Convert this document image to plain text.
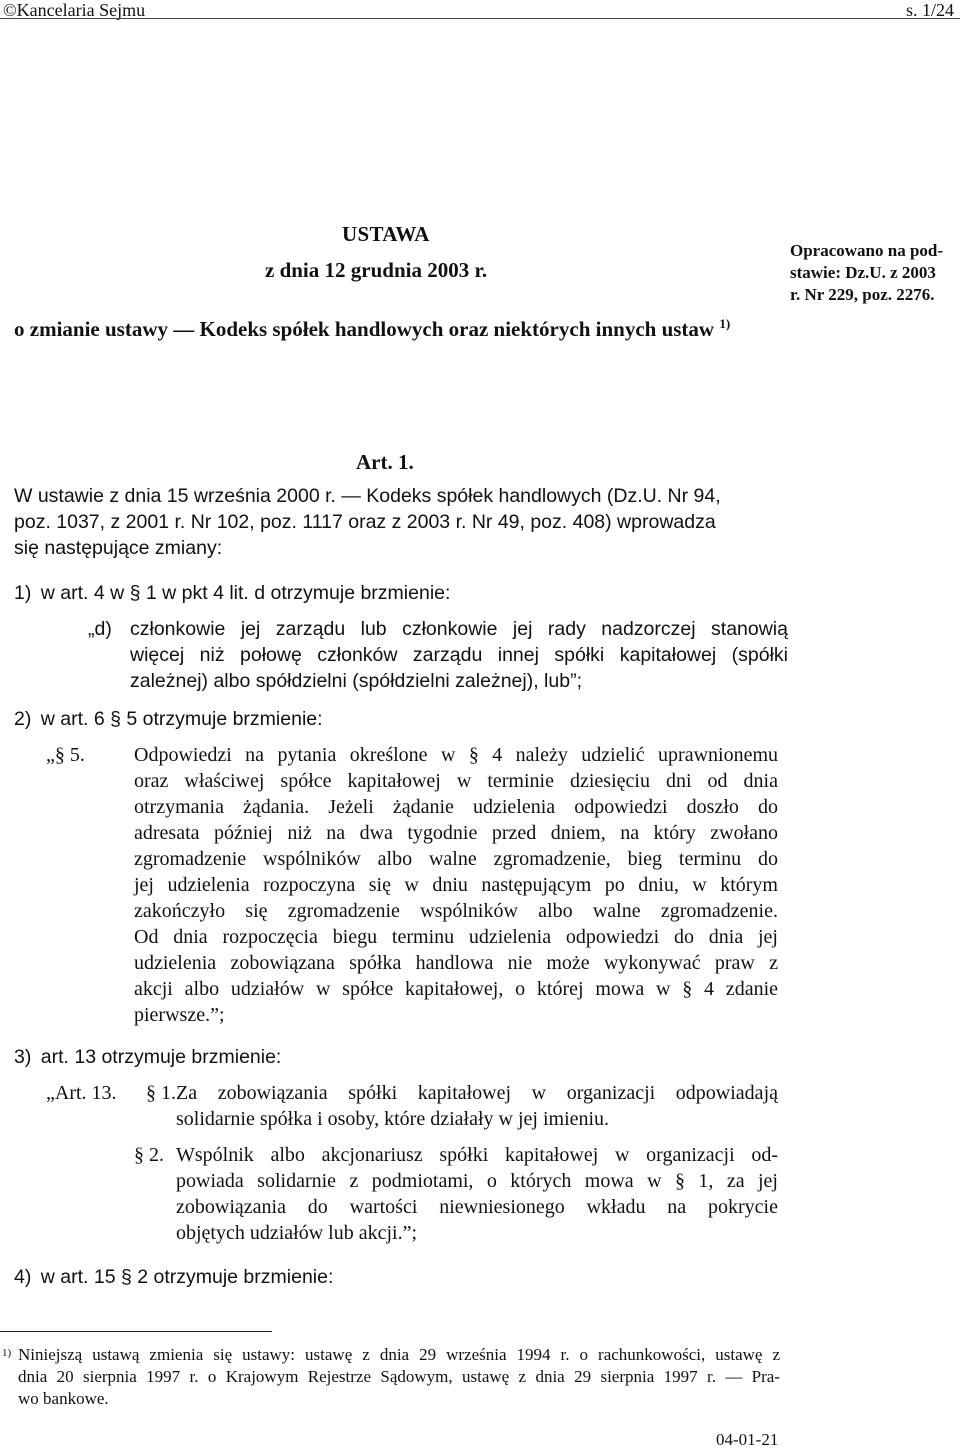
©Kancelaria Sejmu	s. 1/24
USTAWA
z dnia 12 grudnia 2003 r.
Opracowano na pod-
stawie: Dz.U. z 2003
r. Nr 229, poz. 2276.
o zmianie ustawy — Kodeks spółek handlowych oraz niektórych innych ustaw $^{1)}$
Art. 1.
W ustawie z dnia 15 września 2000 r. — Kodeks spółek handlowych (Dz.U. Nr 94,
poz. 1037, z 2001 r. Nr 102, poz. 1117 oraz z 2003 r. Nr 49, poz. 408) wprowadza
się następujące zmiany:
1) w art. 4 w § 1 w pkt 4 lit. d otrzymuje brzmienie:
„d) członkowie jej zarządu lub członkowie jej rady nadzorczej stanowią
więcej niż połowę członków zarządu innej spółki kapitałowej (spółki
zależnej) albo spółdzielni (spółdzielni zależnej), lub”;
2) w art. 6 § 5 otrzymuje brzmienie:
„§ 5. Odpowiedzi na pytania określone w § 4 należy udzielić uprawnionemu
oraz właściwej spółce kapitałowej w terminie dziesięciu dni od dnia
otrzymania żądania. Jeżeli żądanie udzielenia odpowiedzi doszło do
adresata później niż na dwa tygodnie przed dniem, na który zwołano
zgromadzenie wspólników albo walne zgromadzenie, bieg terminu do
jej udzielenia rozpoczyna się w dniu następującym po dniu, w którym
zakończyło się zgromadzenie wspólników albo walne zgromadzenie.
Od dnia rozpoczęcia biegu terminu udzielenia odpowiedzi do dnia jej
udzielenia zobowiązana spółka handlowa nie może wykonywać praw z
akcji albo udziałów w spółce kapitałowej, o której mowa w § 4 zdanie
pierwsze.”;
3) art. 13 otrzymuje brzmienie:
„Art. 13. § 1. Za zobowiązania spółki kapitałowej w organizacji odpowiadają
solidarnie spółka i osoby, które działały w jej imieniu.
§ 2. Wspólnik albo akcjonariusz spółki kapitałowej w organizacji od-
powiada solidarnie z podmiotami, o których mowa w § 1, za jej
zobowiązania do wartości niewniesionego wkładu na pokrycie
objętych udziałów lub akcji.”;
4) w art. 15 § 2 otrzymuje brzmienie:
1) Niniejszą ustawą zmienia się ustawy: ustawę z dnia 29 września 1994 r. o rachunkowości, ustawę z
dnia 20 sierpnia 1997 r. o Krajowym Rejestrze Sądowym, ustawę z dnia 29 sierpnia 1997 r. — Pra-
wo bankowe.
04-01-21
